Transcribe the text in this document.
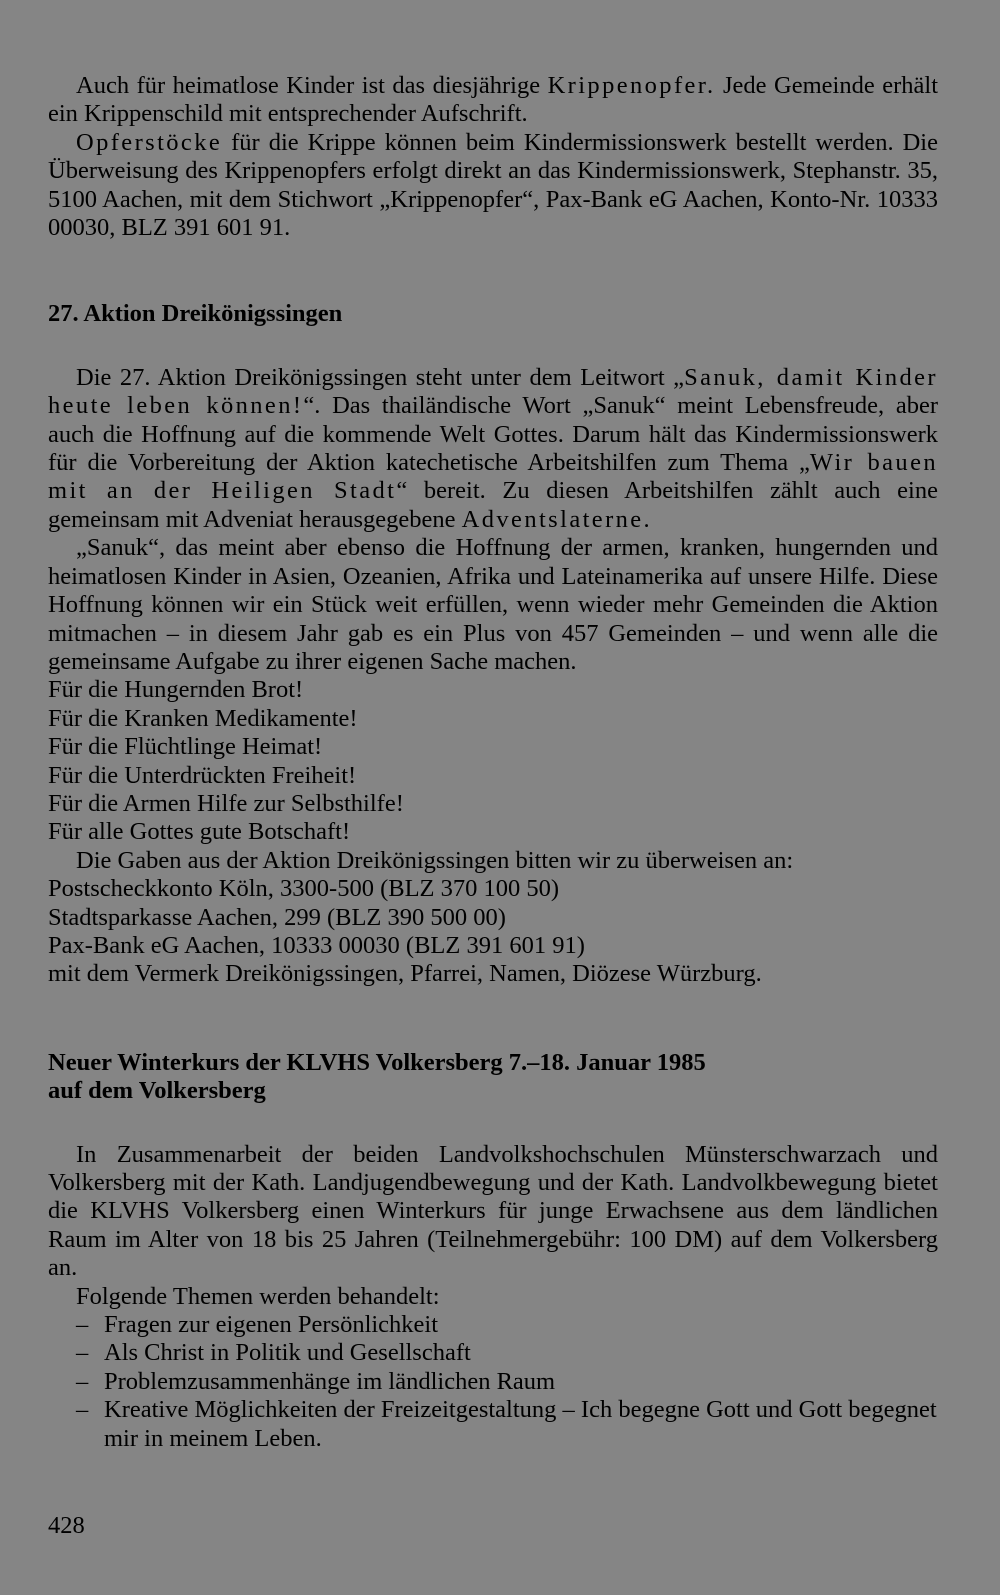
Auch für heimatlose Kinder ist das diesjährige Krippenopfer. Jede Gemeinde erhält ein Krippenschild mit entsprechender Aufschrift.

Opferstöcke für die Krippe können beim Kindermissionswerk bestellt werden. Die Überweisung des Krippenopfers erfolgt direkt an das Kindermissionswerk, Stephanstr. 35, 5100 Aachen, mit dem Stichwort „Krippenopfer“, Pax-Bank eG Aachen, Konto-Nr. 10333 00030, BLZ 391 601 91.

27. Aktion Dreikönigssingen

Die 27. Aktion Dreikönigssingen steht unter dem Leitwort „Sanuk, damit Kinder heute leben können!“. Das thailändische Wort „Sanuk“ meint Lebensfreude, aber auch die Hoffnung auf die kommende Welt Gottes. Darum hält das Kindermissionswerk für die Vorbereitung der Aktion katechetische Arbeitshilfen zum Thema „Wir bauen mit an der Heiligen Stadt“ bereit. Zu diesen Arbeitshilfen zählt auch eine gemeinsam mit Adveniat herausgegebene Adventslaterne.

„Sanuk“, das meint aber ebenso die Hoffnung der armen, kranken, hungernden und heimatlosen Kinder in Asien, Ozeanien, Afrika und Lateinamerika auf unsere Hilfe. Diese Hoffnung können wir ein Stück weit erfüllen, wenn wieder mehr Gemeinden die Aktion mitmachen – in diesem Jahr gab es ein Plus von 457 Gemeinden – und wenn alle die gemeinsame Aufgabe zu ihrer eigenen Sache machen.

Für die Hungernden Brot!

Für die Kranken Medikamente!

Für die Flüchtlinge Heimat!

Für die Unterdrückten Freiheit!

Für die Armen Hilfe zur Selbsthilfe!

Für alle Gottes gute Botschaft!

Die Gaben aus der Aktion Dreikönigssingen bitten wir zu überweisen an:

Postscheckkonto Köln, 3300-500 (BLZ 370 100 50)

Stadtsparkasse Aachen, 299 (BLZ 390 500 00)

Pax-Bank eG Aachen, 10333 00030 (BLZ 391 601 91)

mit dem Vermerk Dreikönigssingen, Pfarrei, Namen, Diözese Würzburg.

Neuer Winterkurs der KLVHS Volkersberg 7.–18. Januar 1985
auf dem Volkersberg

In Zusammenarbeit der beiden Landvolkshochschulen Münsterschwarzach und Volkersberg mit der Kath. Landjugendbewegung und der Kath. Landvolkbewegung bietet die KLVHS Volkersberg einen Winterkurs für junge Erwachsene aus dem ländlichen Raum im Alter von 18 bis 25 Jahren (Teilnehmergebühr: 100 DM) auf dem Volkersberg an.

Folgende Themen werden behandelt:

– Fragen zur eigenen Persönlichkeit
– Als Christ in Politik und Gesellschaft
– Problemzusammenhänge im ländlichen Raum
– Kreative Möglichkeiten der Freizeitgestaltung – Ich begegne Gott und Gott begegnet mir in meinem Leben.
428
